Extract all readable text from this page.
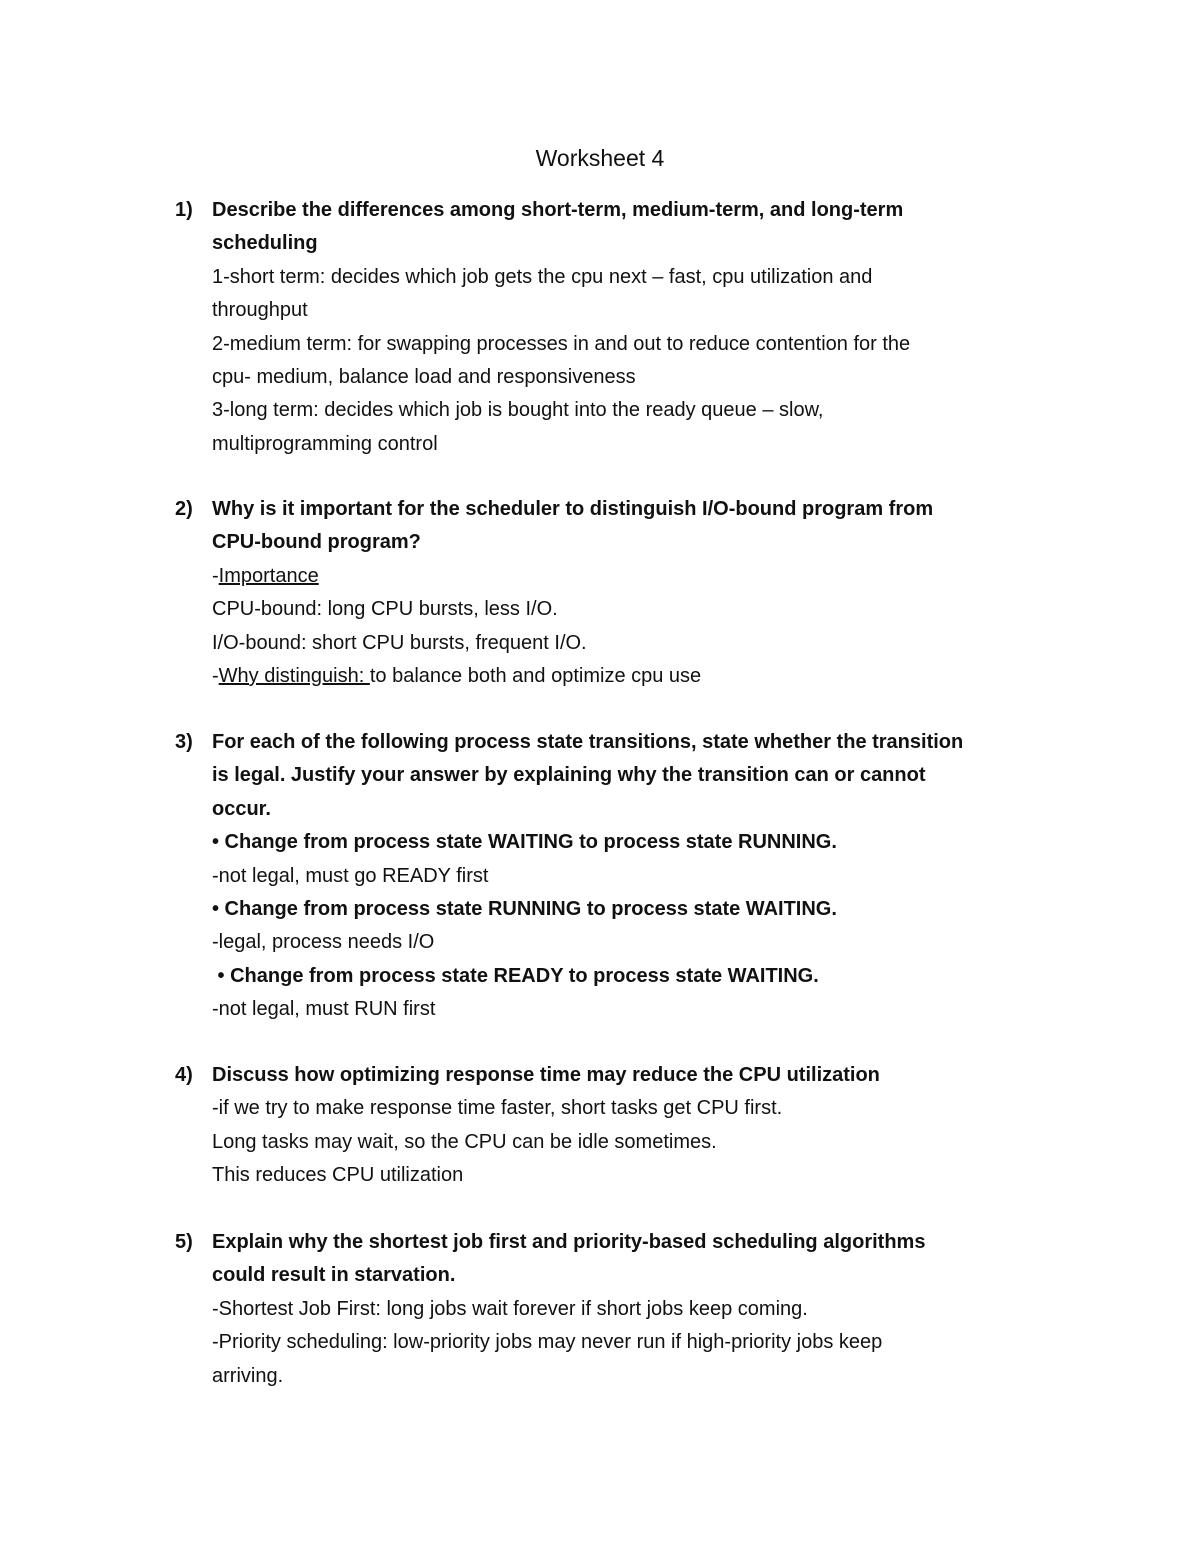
Worksheet 4
1) Describe the differences among short-term, medium-term, and long-term
scheduling
1-short term: decides which job gets the cpu next – fast, cpu utilization and
throughput
2-medium term: for swapping processes in and out to reduce contention for the
cpu- medium, balance load and responsiveness
3-long term: decides which job is bought into the ready queue – slow,
multiprogramming control
2) Why is it important for the scheduler to distinguish I/O-bound program from
CPU-bound program?
-Importance
CPU-bound: long CPU bursts, less I/O.
I/O-bound: short CPU bursts, frequent I/O.
-Why distinguish: to balance both and optimize cpu use
3) For each of the following process state transitions, state whether the transition
is legal. Justify your answer by explaining why the transition can or cannot
occur.
• Change from process state WAITING to process state RUNNING.
-not legal, must go READY first
• Change from process state RUNNING to process state WAITING.
-legal, process needs I/O
• Change from process state READY to process state WAITING.
-not legal, must RUN first
4) Discuss how optimizing response time may reduce the CPU utilization
-if we try to make response time faster, short tasks get CPU first.
Long tasks may wait, so the CPU can be idle sometimes.
This reduces CPU utilization
5) Explain why the shortest job first and priority-based scheduling algorithms
could result in starvation.
-Shortest Job First: long jobs wait forever if short jobs keep coming.
-Priority scheduling: low-priority jobs may never run if high-priority jobs keep
arriving.
